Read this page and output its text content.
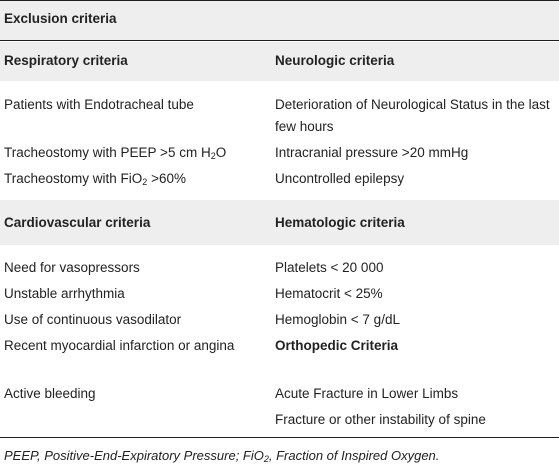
Exclusion criteria
Respiratory criteria	Neurologic criteria
Patients with Endotracheal tube
Tracheostomy with PEEP >5 cm $H_2O$
Tracheostomy with FiO$_2$ >60%
Deterioration of Neurological Status in the last few hours
Intracranial pressure >20 mmHg
Uncontrolled epilepsy
Cardiovascular criteria	Hematologic criteria
Need for vasopressors
Unstable arrhythmia
Use of continuous vasodilator
Recent myocardial infarction or angina
Active bleeding
Platelets < 20 000
Hematocrit < 25%
Hemoglobin < 7 g/dL
Orthopedic Criteria
Acute Fracture in Lower Limbs
Fracture or other instability of spine
PEEP, Positive-End-Expiratory Pressure; FiO$_2$, Fraction of Inspired Oxygen.
